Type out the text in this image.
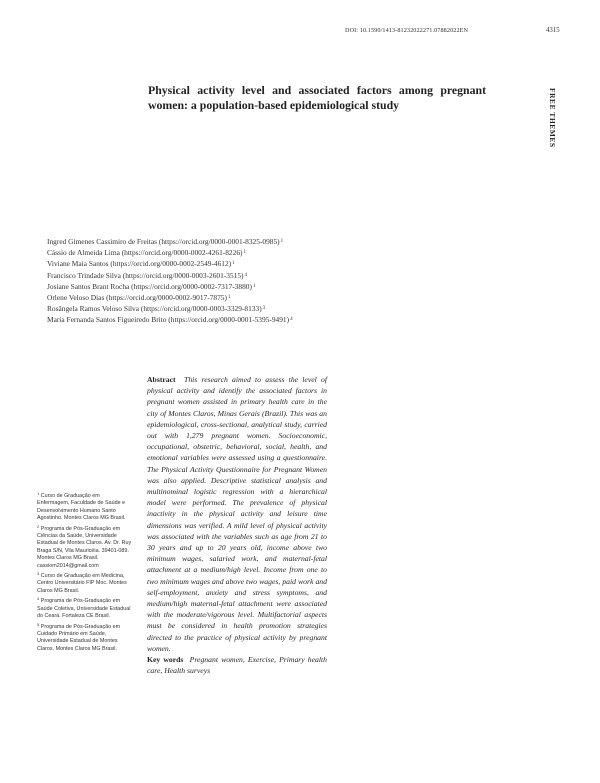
DOI: 10.1590/1413-81232022271.07882022EN	4315
FREE THEMES
Physical activity level and associated factors among pregnant women: a population-based epidemiological study
Ingred Gimenes Cassimiro de Freitas (https://orcid.org/0000-0001-8325-0985)$^1$
Cássio de Almeida Lima (https://orcid.org/0000-0002-4261-8226)$^1$
Viviane Maia Santos (https://orcid.org/0000-0002-2549-4612)$^1$
Francisco Trindade Silva (https://orcid.org/0000-0003-2601-3515)$^4$
Josiane Santos Brant Rocha (https://orcid.org/0000-0002-7317-3880)$^1$
Orlene Veloso Dias (https://orcid.org/0000-0002-9017-7875)$^1$
Rosângela Ramos Veloso Silva (https://orcid.org/0000-0003-3329-8133)$^3$
Maria Fernanda Santos Figueiredo Brito (https://orcid.org/0000-0001-5395-9491)$^4$

$^1$ Curso de Graduação em Enfermagem, Faculdade de Saúde e Desenvolvimento Humano Santo Agostinho. Montes Claros MG Brasil.

$^2$ Programa de Pós-Graduação em Ciências da Saúde, Universidade Estadual de Montes Claros. Av. Dr. Ruy Braga S/N, Vila Mauricéia. 39401-089. Montes Claros MG Brasil. cassiom2014@gmail.com

$^3$ Curso de Graduação em Medicina, Centro Universitário FIP Moc. Montes Claros MG Brasil.

$^4$ Programa de Pós-Graduação em Saúde Coletiva, Universidade Estadual do Ceará. Fortaleza CE Brasil.

$^5$ Programa de Pós-Graduação em Cuidado Primário em Saúde, Universidade Estadual de Montes Claros. Montes Claros MG Brasil.

Abstract This research aimed to assess the level of physical activity and identify the associated factors in pregnant women assisted in primary health care in the city of Montes Claros, Minas Gerais (Brazil). This was an epidemiological, cross-sectional, analytical study, carried out with 1,279 pregnant women. Socioeconomic, occupational, obstetric, behavioral, social, health, and emotional variables were assessed using a questionnaire. The Physical Activity Questionnaire for Pregnant Women was also applied. Descriptive statistical analysis and multinominal logistic regression with a hierarchical model were performed. The prevalence of physical inactivity in the physical activity and leisure time dimensions was verified. A mild level of physical activity was associated with the variables such as age from 21 to 30 years and up to 20 years old, income above two minimum wages, salaried work, and maternal-fetal attachment at a medium/high level. Income from one to two minimum wages and above two wages, paid work and self-employment, anxiety and stress symptoms, and medium/high maternal-fetal attachment were associated with the moderate/vigorous level. Multifactorial aspects must be considered in health promotion strategies directed to the practice of physical activity by pregnant women.

Key words Pregnant women, Exercise, Primary health care, Health surveys
